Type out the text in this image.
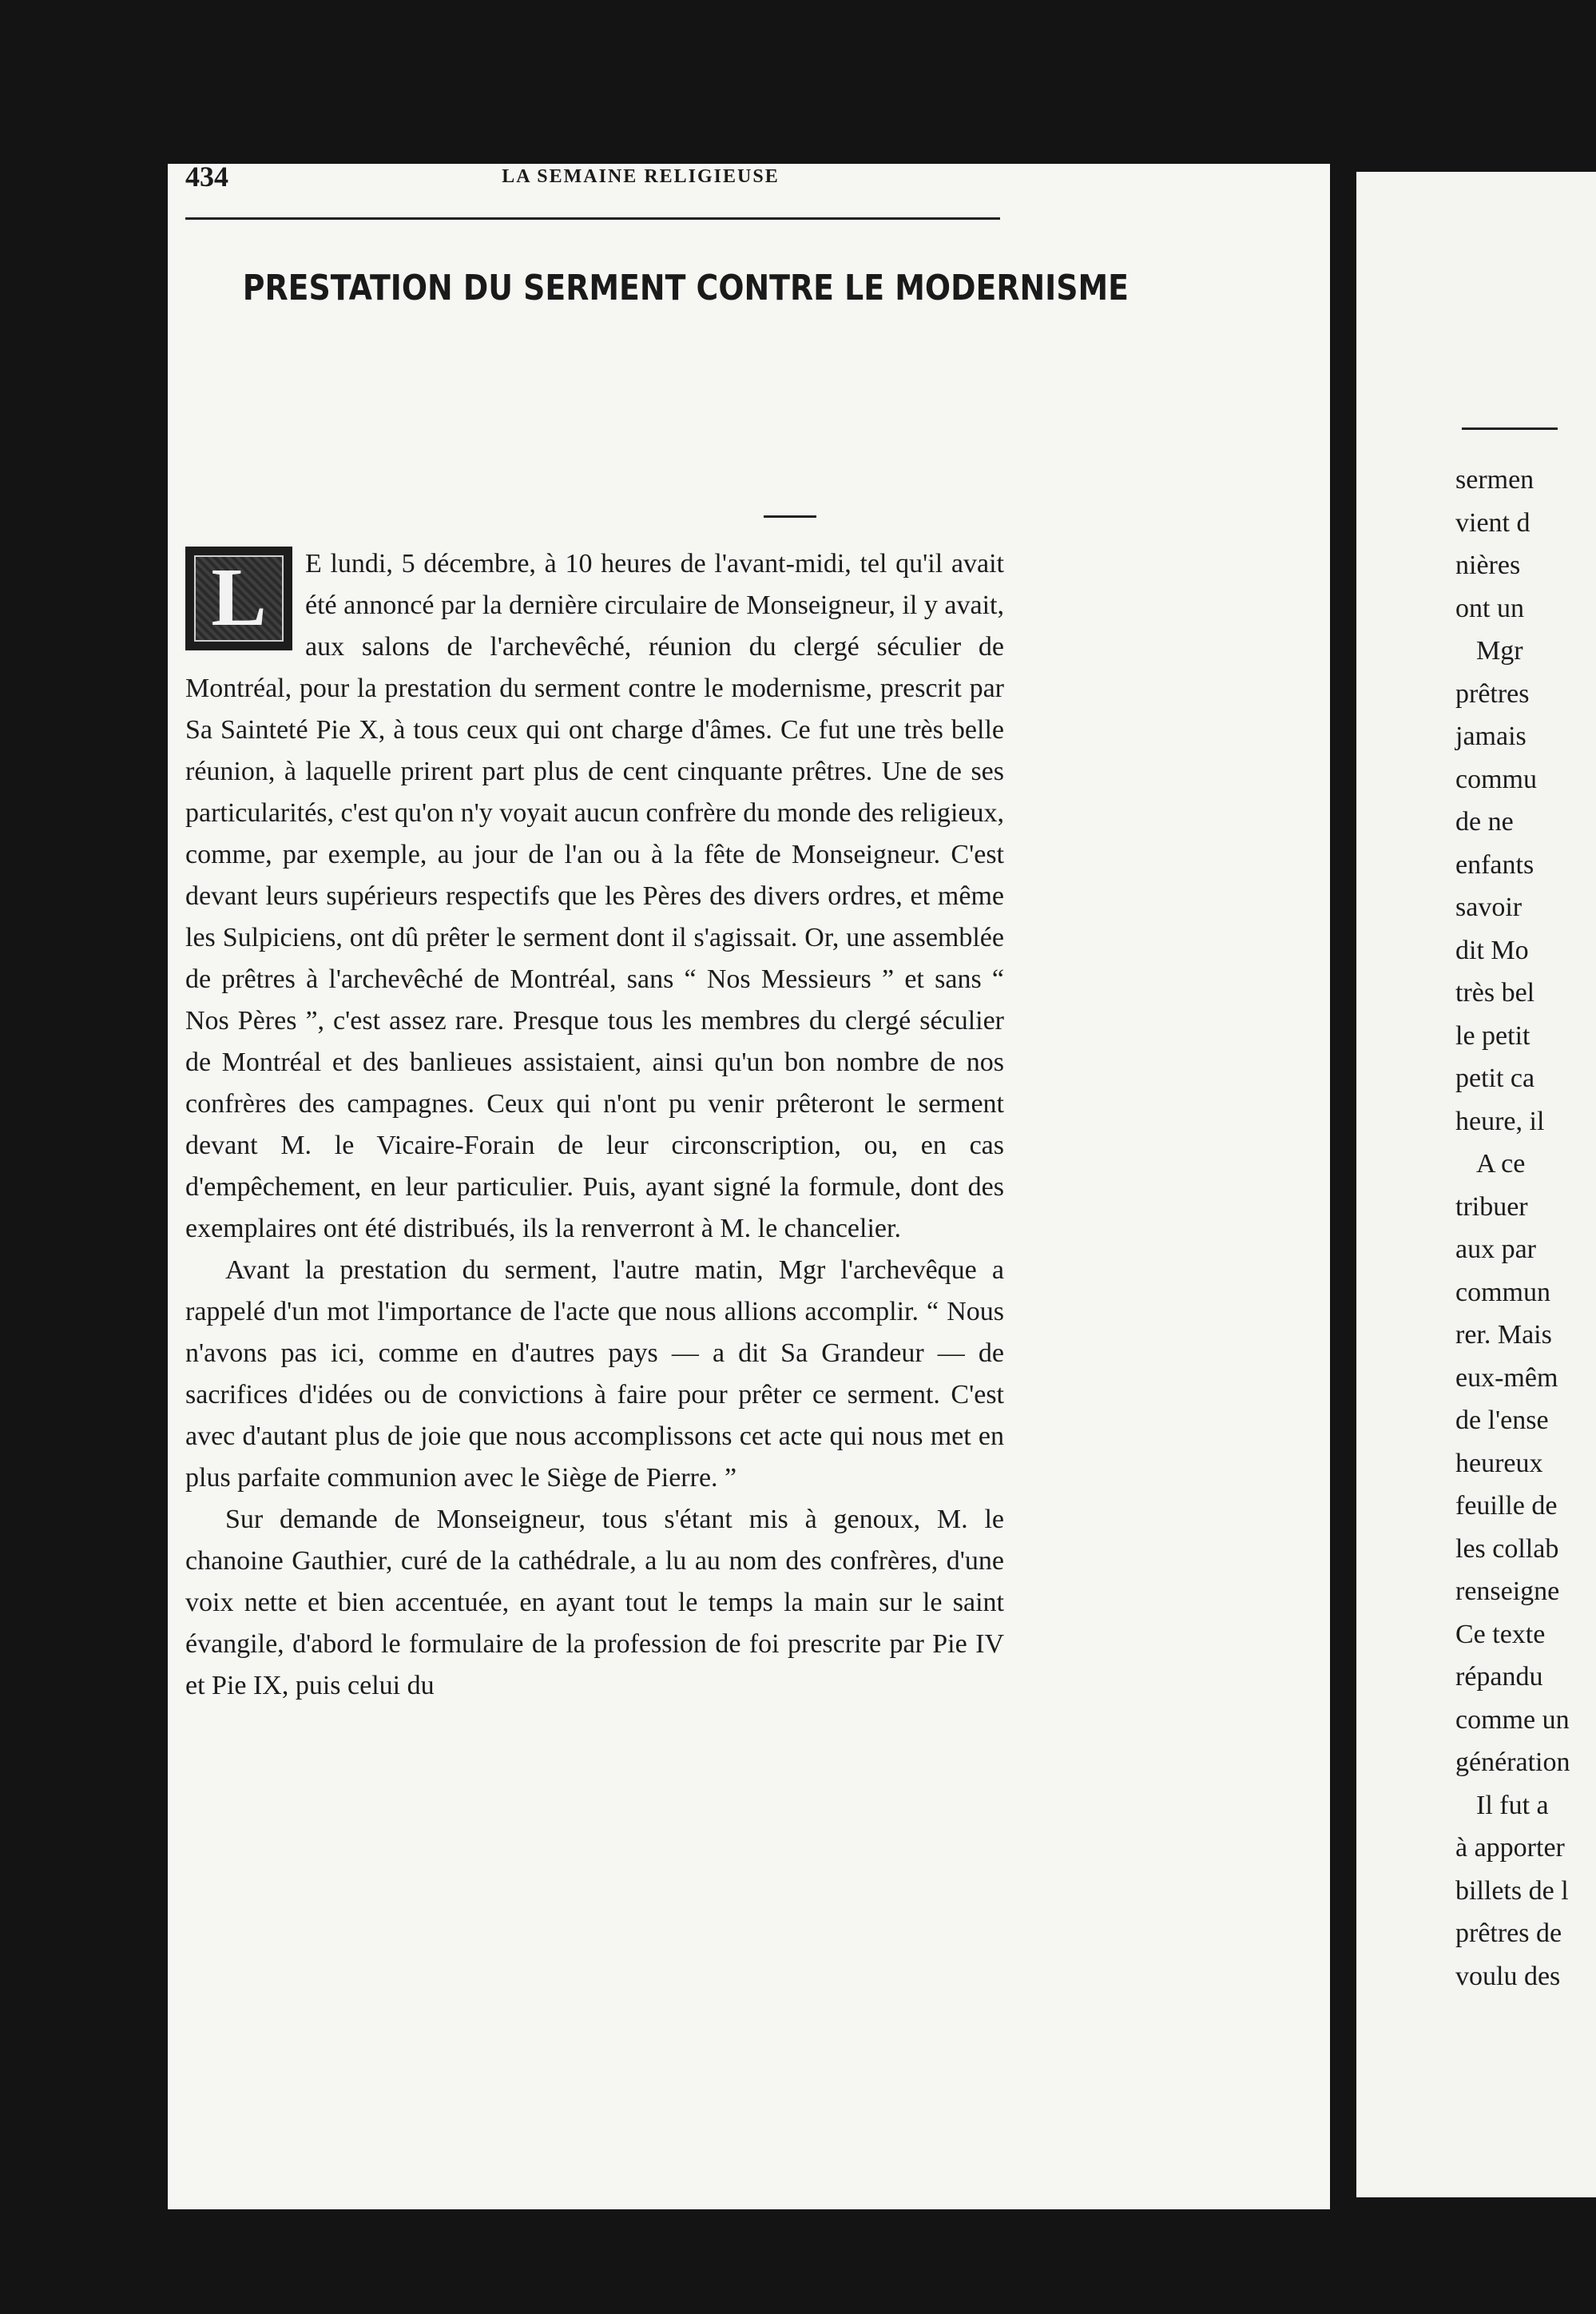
434	LA SEMAINE RELIGIEUSE
PRESTATION DU SERMENT CONTRE LE MODERNISME

L	E lundi, 5 décembre, à 10 heures de l'avant-midi, tel qu'il avait été annoncé par la dernière circulaire de Monseigneur, il y avait, aux salons de l'archevêché, réunion du clergé séculier de Montréal, pour la prestation du serment contre le modernisme, prescrit par Sa Sainteté Pie X, à tous ceux qui ont charge d'âmes. Ce fut une très belle réunion, à laquelle prirent part plus de cent cinquante prêtres. Une de ses particularités, c'est qu'on n'y voyait aucun confrère du monde des religieux, comme, par exemple, au jour de l'an ou à la fête de Monseigneur. C'est devant leurs supérieurs respectifs que les Pères des divers ordres, et même les Sulpiciens, ont dû prêter le serment dont il s'agissait. Or, une assemblée de prêtres à l'archevêché de Montréal, sans “ Nos Messieurs ” et sans “ Nos Pères ”, c'est assez rare. Presque tous les membres du clergé séculier de Montréal et des banlieues assistaient, ainsi qu'un bon nombre de nos confrères des campagnes. Ceux qui n'ont pu venir prêteront le serment devant M. le Vicaire-Forain de leur circonscription, ou, en cas d'empêchement, en leur particulier. Puis, ayant signé la formule, dont des exemplaires ont été distribués, ils la renverront à M. le chancelier.

Avant la prestation du serment, l'autre matin, Mgr l'archevêque a rappelé d'un mot l'importance de l'acte que nous allions accomplir. “ Nous n'avons pas ici, comme en d'autres pays — a dit Sa Grandeur — de sacrifices d'idées ou de convictions à faire pour prêter ce serment. C'est avec d'autant plus de joie que nous accomplissons cet acte qui nous met en plus parfaite communion avec le Siège de Pierre. ”

Sur demande de Monseigneur, tous s'étant mis à genoux, M. le chanoine Gauthier, curé de la cathédrale, a lu au nom des confrères, d'une voix nette et bien accentuée, en ayant tout le temps la main sur le saint évangile, d'abord le formulaire de la profession de foi prescrite par Pie IV et Pie IX, puis celui du

sermen
vient d
nières
ont un
Mgr
prêtres
jamais
commu
de ne
enfants
savoir
dit Mo
très bel
le petit
petit ca
heure, il
A ce
tribuer
aux par
commun
rer. Mais
eux-mêm
de l'ense
heureux
feuille de
les collab
renseigne
Ce texte
répandu
comme un
génération
Il fut a
à apporter
billets de l
prêtres de
voulu des
